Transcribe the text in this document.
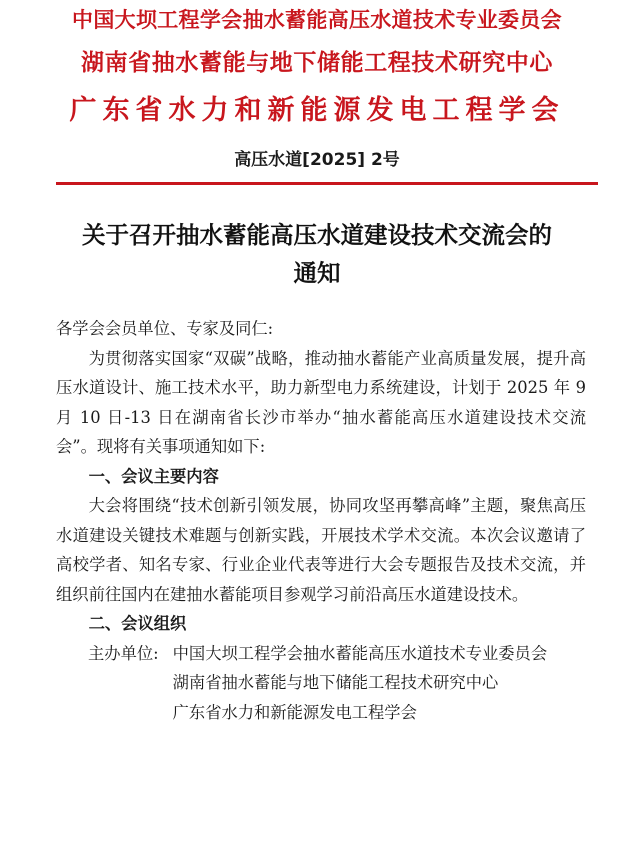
中国大坝工程学会抽水蓄能高压水道技术专业委员会
湖南省抽水蓄能与地下储能工程技术研究中心
广东省水力和新能源发电工程学会
高压水道[2025] 2号
关于召开抽水蓄能高压水道建设技术交流会的
通知

各学会会员单位、专家及同仁:

为贯彻落实国家“双碳”战略，推动抽水蓄能产业高质量发展，提升高压水道设计、施工技术水平，助力新型电力系统建设，计划于 2025 年 9 月 10 日-13 日在湖南省长沙市举办“抽水蓄能高压水道建设技术交流会”。现将有关事项通知如下:

一、会议主要内容

大会将围绕“技术创新引领发展，协同攻坚再攀高峰”主题，聚焦高压水道建设关键技术难题与创新实践，开展技术学术交流。本次会议邀请了高校学者、知名专家、行业企业代表等进行大会专题报告及技术交流，并组织前往国内在建抽水蓄能项目参观学习前沿高压水道建设技术。

二、会议组织

主办单位: 中国大坝工程学会抽水蓄能高压水道技术专业委员会
湖南省抽水蓄能与地下储能工程技术研究中心
广东省水力和新能源发电工程学会
